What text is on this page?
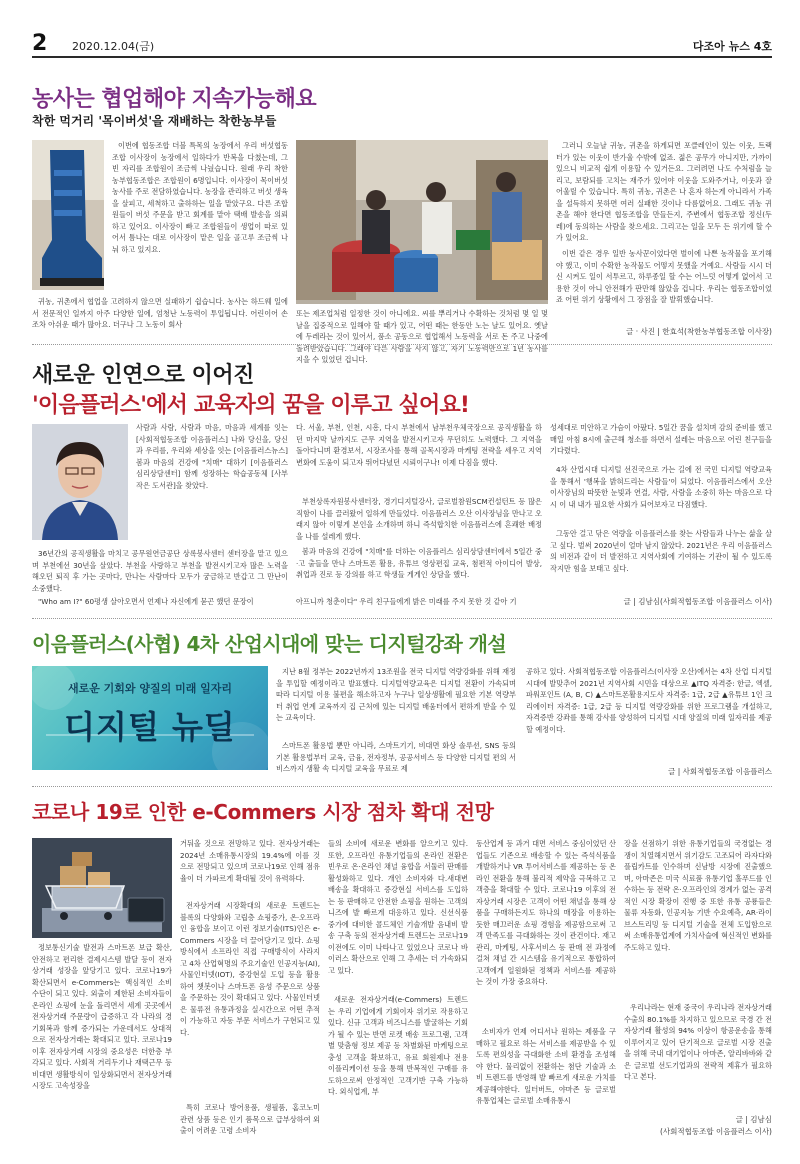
2 2020.12.04(금)	다조아 뉴스 4호
농사는 협업해야 지속가능해요
착한 먹거리 '목이버섯'을 재배하는 착한농부들
이번에 협동조합 더블 특목의 농장에서 우리 버섯협동조합 이사장이 농장에서 일하다가 반복을 다쳤는데, 그 빈 자리를 조합원이 조금씩 나눴습니다. 원래 우리 착한농부협동조합은 조합원이 6명입니다. 이사장이 목이버섯 농사를 주로 전담하였습니다. 농장을 관리하고 버섯 생육을 살피고, 세척하고 출하하는 일을 맡았구요. 다른 조합원들이 버섯 주문을 받고 회계를 맡아 택배 발송을 의뢰하고 있어요. 이사장이 빠고 조합원들이 생업이 따로 있어서 틈나는 대로 이사장이 맡은 일을 골고루 조금씩 나눠 하고 있지요.
귀농, 귀촌에서 협업을 고려하지 않으면 실패하기 쉽습니다. 농사는 하드웨 일에서 전문적인 일까지 아주 다양한 일에, 엄청난 노동력이 투입됩니다. 어린이어 손조차 아쉬운 때가 많아요. 더구나 그 노동이 회사
또는 제조업처럼 일정한 것이 아니에요. 씨를 뿌리거나 수확하는 것처럼 몇 일 몇 날을 집중적으로 일해야 할 때가 있고, 어떤 때는 한동안 노는 날도 있어요. 옛날에 두레라는 것이 있어서, 품소 공동으로 협업해서 노동력을 서로 돈 주고 나중에 돌려받았습니다. 그래야 다른 사람을 사지 않고, 자기 노동력만으로 1년 농사를 지을 수 있었던 겁니다.
그러니 오늘날 귀농, 귀촌을 하게되면 포클레인이 있는 이웃, 트랙터가 있는 이웃이 반가울 수밖에 없죠. 젊은 공무가 아니지만, 가까이 있으니 비교적 쉽게 이용할 수 있거든요. 그러려면 나도 수처럼을 늘리고, 보람되를 고치는 재주가 있어야 이웃을 도와주거나, 이웃과 잘 어울릴 수 있습니다. 특히 귀농, 귀촌은 나 혼자 하는게 아니라서 가족을 설득하지 못하면 여러 실패한 것이나 다름없어요. 그래도 귀농 귀촌을 해야 한다면 협동조합을 만들든지, 주변에서 협동조합 정신(두레)에 동의하는 사람을 찾으세요. 그리고는 일을 모두 든 위기에 할 수가 있어요.
이번 같은 경우 일반 농사꾼이었다면 벌이에 나쁜 농작물을 포기해야 했고, 이미 수확한 농작물도 어떻지 못했을 거예요. 사람들 시시 더신 시켜도 일이 서투르고, 하루종일 할 수는 어느덧 어떻게 없어서 고용한 것이 아니 안전해가 판만해 않았을 겁니다. 우리는 협동조합이었죠 어떤 위기 상황에서 그 장점을 잘 발휘했습니다.
글 · 사진 | 한효석(착한농부협동조합 이사장)
새로운 인연으로 이어진
'이음플러스'에서 교육자의 꿈을 이루고 싶어요!
사람과 사람, 사람과 마음, 마음과 세계를 잇는 [사회적협동조합 이음플러스] 나와 당신을, 당신과 우리를, 우리와 세상을 잇는 [이음플러스뉴스] 봄과 마음의 건강에 "치매" 대하기 [이음플러스 심리상담센터] 함께 성장하는 학습공동체 [사부작은 도서관]을 찾았다.
36년간의 공직생활을 마치고 공무원연금공단 상록봉사센터 센터장을 맡고 있으며 부천에선 30년을 살았다. 부천을 사랑하고 부천을 발전시키고자 많은 노력을 해오던 퇴직 후 가는 곳마다, 만나는 사람마다 모두가 궁금하고 반갑고 그 만난이 소중했다.
"Who am I?" 60평생 살아오면서 언제나 자신에게 묻곤 했던 문장이
다. 서울, 부천, 인천, 시흥, 다시 부천에서 남부천우체국장으로 공직생활을 하던 마지막 날까지도 근무 지역을 발전시키고자 무던히도 노력했다. 그 지역을 돌아다니며 환경보서, 시장조사를 통해 골목시장과 마케팅 전략을 세우고 지역 변화에 도움이 되고자 뛰어다녔던 시뢰이구나! 이제 다짐을 했다.
부천상록자원봉사센터장, 경기디지털강사, 글로벌참원SCM컨설턴트 등 많은 직함이 나를 끌러왔어 일하게 만들었다. 이음플러스 오산 이사장님을 만나고 오래지 않아 이렇게 본인을 소개하며 하니 즉석합치한 이음플러스에 흔쾌한 배정을 나를 설레게 했다.
봄과 마음의 건강에 "치매"를 더하는 이음플러스 심리상담센터에서 5일간 중·고 출들을 만나 스마트폰 활용, 유튜브 영상편집 교육, 첨편적 아이디어 발상, 취업과 진로 등 강의를 하고 학생들 게게인 상담을 했다.
아프니까 청춘이다" 우리 친구들에게 밝은 미래를 주지 못한 것 같아 기
성세대로 미안하고 가슴이 아팠다. 5일간 꿈을 설치며 감의 준비를 했고 매일 아침 8시에 출근해 청소를 하면서 설레는 마음으로 어린 친구들을 기다렸다.
4차 산업시대 디지털 선진국으로 가는 길에 전 국민 디지털 역량교육을 통해서 '행복을 밝혀드리는 사람들'이 되었다. 이음플러스에서 오산 이사장님의 따뜻한 눈빛과 연결, 사람, 사람을 소중히 하는 마음으로 다시 이 내 내가 필요한 사회가 되어보자고 다짐했다.
그동안 걸고 닦은 역량을 이음플러스를 찾는 사람들과 나누는 삶을 살고 싶다. 벌써 2020년이 얼마 남지 않았다. 2021년은 우리 이음플러스의 비전과 같이 더 발전하고 지역사회에 기여하는 기관이 될 수 있도록 작지만 힘을 보태고 싶다.
글 | 김남심(사회적협동조합 이음플러스 이사)
이음플러스(사협) 4차 산업시대에 맞는 디지털강좌 개설
새로운 기회와 양질의 미래 일자리
디지털 뉴딜
지난 8월 정부는 2022년까지 13조원을 전국 디지털 역량강화를 위해 재정을 투입할 예정이라고 발표했다. 디지털역량교육은 디지털 전환이 가속되며 따라 디지털 이용 불편을 해소하고자 누구나 일상생활에 필요한 기본 역량부터 취업 연계 교육까지 집 근처에 있는 디지털 배움터에서 편하게 받을 수 있는 교육이다.
스마트폰 활용법 뿐만 아니라, 스마트기기, 비대면 화상 솔루션, SNS 등의 기본 활용법부터 교육, 금융, 전자정부, 공공서비스 등 다양한 디지털 편의 서비스까지 생활 속 디지털 교육을 무료로 제
공하고 있다. 사회적협동조합 이음플러스(이사장 오산)에서는 4차 산업 디지털 시대에 발맞추어 2021년 지역사회 시민을 대상으로 ▲ITQ 자격증: 한글, 엑셀, 파워포인트 (A, B, C) ▲스마트폰활용지도사 자격증: 1급, 2급 ▲유튜브 1인 크리에이터 자격증: 1급, 2급 등 디지털 역량강화를 위한 프로그램을 개설하고, 자격증반 강좌를 통해 강사를 양성하여 디지털 시대 양질의 미래 일자리를 제공할 예정이다.
글 | 사회적협동조합 이음플러스
코로나 19로 인한 e-Commers 시장 점차 확대 전망
정보통신기술 발전과 스마트폰 보급 확산, 안전하고 편리한 결제시스템 발달 등이 전자상거래 성장을 앞당기고 있다. 코로나19가 확산되면서 e-Commers는 핵심적인 소비 수단이 되고 있다. 외출이 제한된 소비자들이 온라인 쇼핑에 눈을 돌리면서 세계 곳곳에서 전자상거래 주문량이 급증하고 각 나라의 경기회복과 함께 증가되는 가운데서도 상대적으로 전자상거래는 확대되고 있다. 코로나19 이후 전자상거래 시장의 중요성은 더한층 부각되고 있다. 사회적 거리두기나 재택근무 등 비대면 생활방식이 일상화되면서 전자상거래 시장도 고속성장을
거둬올 것으로 전망하고 있다. 전자상거래는 2024년 소매유통시장의 19.4%에 이를 것으로 전망되고 있으며 코로나19로 인해 점유율이 더 가파르게 확대될 것이 유력하다.
전자상거래 시장확대의 새로운 트렌드는 블록의 다양화와 고립층 쇼핑증가, 온·오프라인 융합을 보이고 이런 정보기술(ITS)인은 e-Commers 시장을 더 끌어당기고 있다. 쇼핑방식에서 소프라인 직접 구매방식이 사라지고 4차 산업혁명의 주요기술인 인공지능(AI), 사물인터넷(IOT), 증강현실 도입 등을 활용하여 챗봇이나 스마트폰 음성 주문으로 상품을 주문하는 것이 확대되고 있다. 사물인터넷은 물류전 유통과정을 실시간으로 어떤 추적이 가능하고 자동 부문 서비스가 구현되고 있다.
특히 코로나 방어용품, 생필품, 홈코노미 관련 상품 등은 인기 품목으로 급부상하여 외출이 어려운 고령 소비자
들의 소비에 새로운 변화를 알으키고 있다. 또한, 오프라인 유통기업들의 온라인 전환은 빈우로 온·온라인 채널 융합을 서둘러 판매를 활성화하고 있다. 개인 소비자와 다.새대변 배송을 확대하고 증강현실 서비스를 도입하는 등 판매하고 안전한 쇼핑을 원하는 고객의 니즈에 발 빠르게 대응하고 있다. 신선식품 중가에 대비한 콜드체인 기술개발 음내비 발송 구축 등의 전자상거래 트렌드는 코로나19 이전에도 이미 나타나고 있었으나 코로나 바이러스 확산으로 인해 그 추세는 더 가속화되고 있다.
새로운 전자상거래(e-Commers) 트렌드는 우리 기업에게 기회이자 위기로 작용하고 있다. 신규 고객과 비즈니스를 발굴하는 기회가 될 수 있는 반면 로켓 배송 프로그램, 고객별 맞춤형 정보 제공 등 차별화된 마케팅으로 충성 고객을 확보하고, 유료 회원제나 전용 이플리케이션 등을 통해 반복적인 구매를 유도하으로써 안정적인 고객기반 구축 가능하다. 외식업계, 부
동산업계 등 과거 대면 서비스 중심이었던 산업들도 기존으로 배송할 수 있는 즉석식품을 개발하거나 VR 투어서비스를 제공하는 등 온라인 전환을 통해 불리적 제약을 극복하고 고객층을 확대할 수 있다. 코로나19 이후의 전자상거래 시장은 고객이 어떤 채널을 통해 상품을 구매하든지도 하나의 매장을 이용하는 듯한 매끄러운 쇼핑 경험을 제공함으로써 고객 만족도를 극대화하는 것이 관건이다. 재고관리, 마케팅, 사후서비스 등 판매 전 과정에 걸쳐 채널 간 시스템을 유기적으로 통합하여 고객에게 일원화된 정책과 서비스를 제공하는 것이 가장 중요하다.
소비자가 언제 어디서나 원하는 제품을 구매하고 필요로 하는 서비스를 제공받을 수 있도록 편의성을 극대화한 소비 환경을 조성해야 한다. 물리없이 전환하는 첨단 기술과 소비 트렌드를 반영해 발 빠르게 새로운 가치를 제공해야한다. 일터버트, 야마존 등 글로벌 유통업체는 글로벌 소매유통시
장을 선점하기 위한 유통기업들의 국경없는 경쟁이 치열해지면서 위기감도 고조되어 라자다와 플립카트를 인수하며 신남방 시장에 진출했으며, 아마존은 미국 식료품 유통기업 홀푸드를 인수하는 등 전략 온·오프라인의 경계가 없는 공격적인 시장 확장이 진행 중 또한 유통 공룡들은 물류 자동화, 인공지능 기반 수요예측, AR·라이브스트리밍 등 디지털 기술을 전체 도입함으로써 소매유통업계에 가치사슬에 혁신적인 변화를 주도하고 있다.
우리나라는 현재 중국이 우리나라 전자상거래 수출의 80.1%를 차지하고 있으므로 국경 간 전자상거래 활성의 94% 이상이 항공운송을 통해 이루어지고 있어 단기적으로 글로벌 시장 진출을 위해 국내 대기업이나 아마존, 알리바바와 같은 글로벌 선도기업과의 전략적 제휴가 필요하다고 본다.
글 | 김남심
(사회적협동조합 이음플러스 이사)
